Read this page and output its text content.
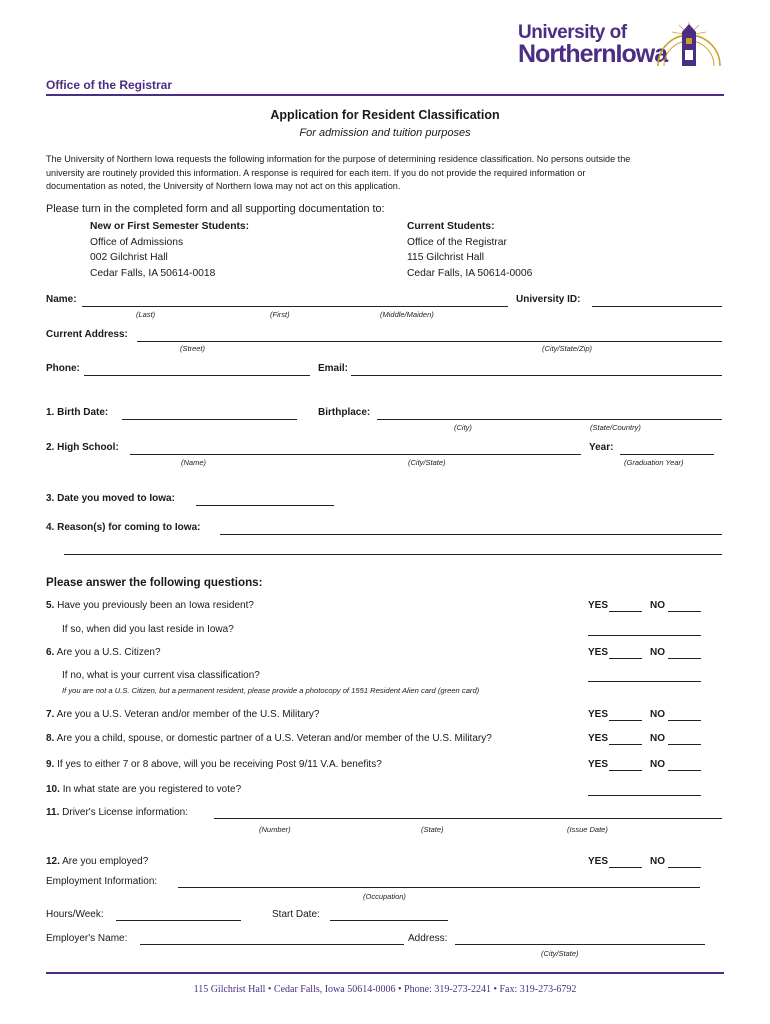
Office of the Registrar
University of
NorthernIowa
Application for Resident Classification
For admission and tuition purposes
The University of Northern Iowa requests the following information for the purpose of determining residence classification. No persons outside the
university are routinely provided this information. A response is required for each item. If you do not provide the required information or
documentation as noted, the University of Northern Iowa may not act on this application.
Please turn in the completed form and all supporting documentation to:
New or First Semester Students:
Office of Admissions
002 Gilchrist Hall
Cedar Falls, IA 50614-0018
Current Students:
Office of the Registrar
115 Gilchrist Hall
Cedar Falls, IA 50614-0006
Name:
(Last)	(First)	(Middle/Maiden)
University ID:
Current Address:
(Street)	(City/State/Zip)
Phone:	Email:
1. Birth Date:	Birthplace:
(City)	(State/Country)
2. High School:
(Name)	(City/State)
Year:
(Graduation Year)
3. Date you moved to Iowa:
4. Reason(s) for coming to Iowa:
Please answer the following questions:
5. Have you previously been an Iowa resident?	YES	NO
If so, when did you last reside in Iowa?
6. Are you a U.S. Citizen?	YES	NO
If no, what is your current visa classification?
If you are not a U.S. Citizen, but a permanent resident, please provide a photocopy of 1551 Resident Alien card (green card)
7. Are you a U.S. Veteran and/or member of the U.S. Military?	YES	NO
8. Are you a child, spouse, or domestic partner of a U.S. Veteran and/or member of the U.S. Military?	YES	NO
9. If yes to either 7 or 8 above, will you be receiving Post 9/11 V.A. benefits?	YES	NO
10. In what state are you registered to vote?
11. Driver's License information:
(Number)	(State)	(Issue Date)
12. Are you employed?	YES	NO
Employment Information:
(Occupation)
Hours/Week:	Start Date:
Employer's Name:	Address:
(City/State)
115 Gilchrist Hall • Cedar Falls, Iowa 50614-0006 • Phone: 319-273-2241 • Fax: 319-273-6792
